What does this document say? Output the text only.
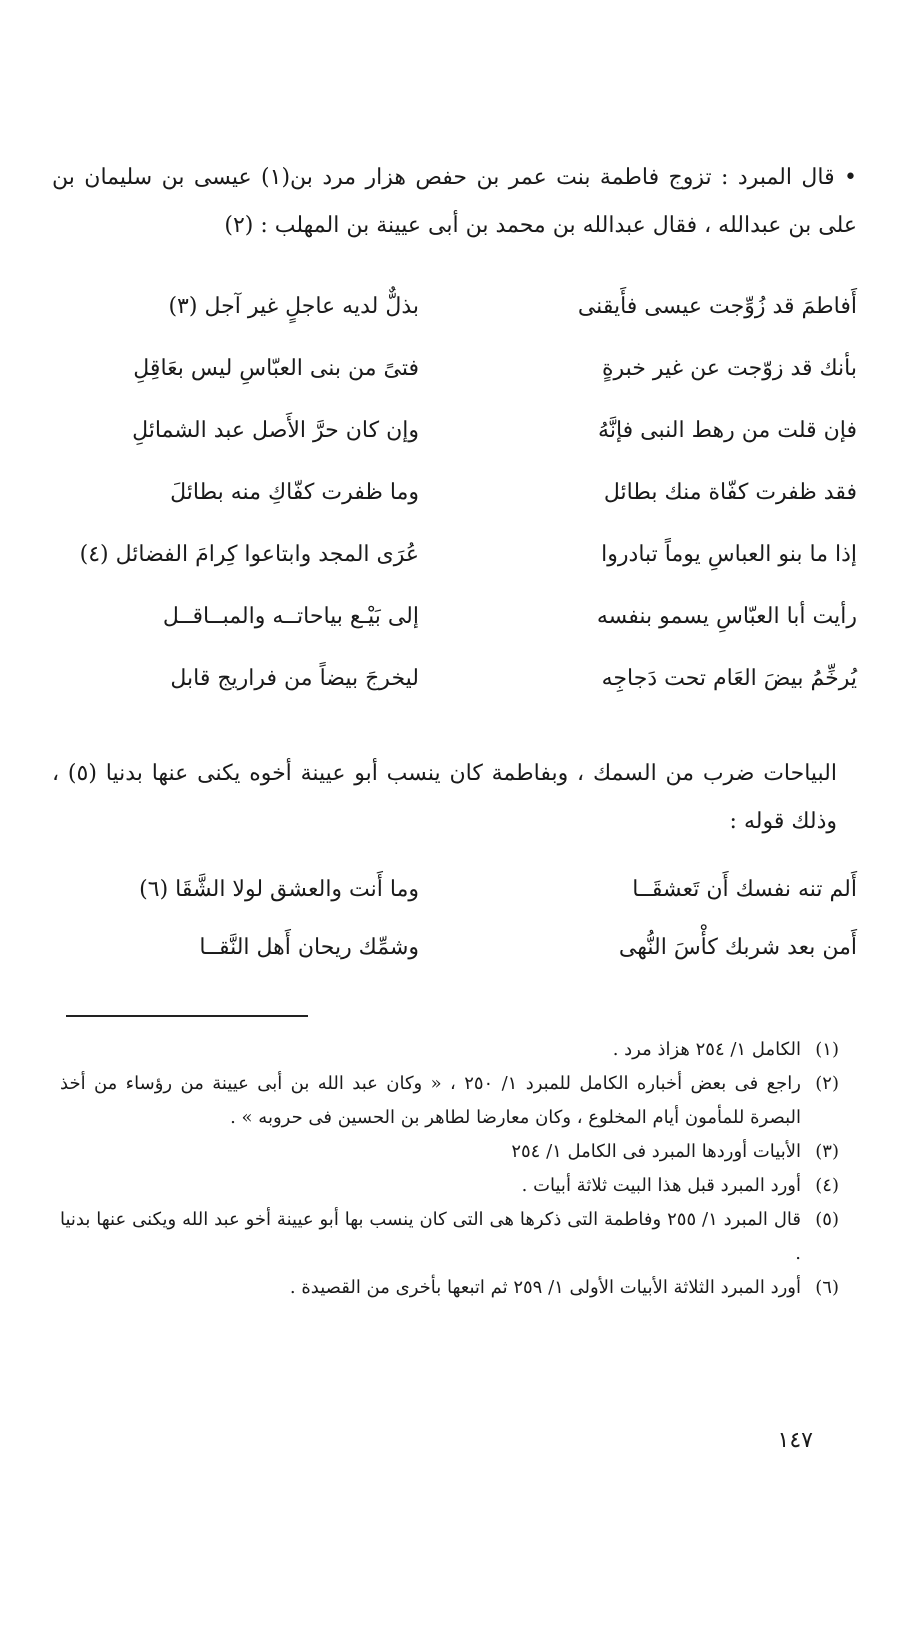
• قال المبرد : تزوج فاطمة بنت عمر بن حفص هزار مرد بن(١) عيسى بن سليمان بن على بن عبدالله ، فقال عبدالله بن محمد بن أبى عيينة بن المهلب : (٢)

أَفاطمَ قد زُوِّجت عيسى فأَيقنى
بذلٌّ لديه عاجلٍ غير آجل (٣)
بأنك قد زوّجت عن غير خبرةٍ
فتىً من بنى العبّاسِ ليس بعَاقِلِ
فإن قلت من رهط النبى فإنَّهُ
وإن كان حرَّ الأَصل عبد الشمائلِ
فقد ظفرت كفّاة منك بطائل
وما ظفرت كفّاكِ منه بطائلَ
إذا ما بنو العباسِ يوماً تبادروا
عُرَى المجد وابتاعوا كِرامَ الفضائل (٤)
رأيت أبا العبّاسِ يسمو بنفسه
إلى بَيْـع بياحاتــه والمبــاقــل
يُرخِّمُ بيضَ العَام تحت دَجاجِه
ليخرجَ بيضاً من فراريج قابل

البياحات ضرب من السمك ، وبفاطمة كان ينسب أبو عيينة أخوه يكنى عنها بدنيا (٥) ، وذلك قوله :

أَلم تنه نفسك أَن تَعشقَــا
وما أَنت والعشق لولا الشَّقَا (٦)
أَمن بعد شربك كأْسَ النُّهى
وشمِّك ريحان أَهل النَّقــا
(١)
الكامل ١/ ٢٥٤ هزاذ مرد .
(٢)
راجع فى بعض أخباره الكامل للمبرد ١/ ٢٥٠ ، « وكان عبد الله بن أبى عيينة من رؤساء من أخذ البصرة للمأمون أيام المخلوع ، وكان معارضا لطاهر بن الحسين فى حروبه » .
(٣)
الأبيات أوردها المبرد فى الكامل ١/ ٢٥٤
(٤)
أورد المبرد قبل هذا البيت ثلاثة أبيات .
(٥)
قال المبرد ١/ ٢٥٥ وفاطمة التى ذكرها هى التى كان ينسب بها أبو عيينة أخو عبد الله ويكنى عنها بدنيا .
(٦)
أورد المبرد الثلاثة الأبيات الأولى ١/ ٢٥٩ ثم اتبعها بأخرى من القصيدة .
١٤٧
